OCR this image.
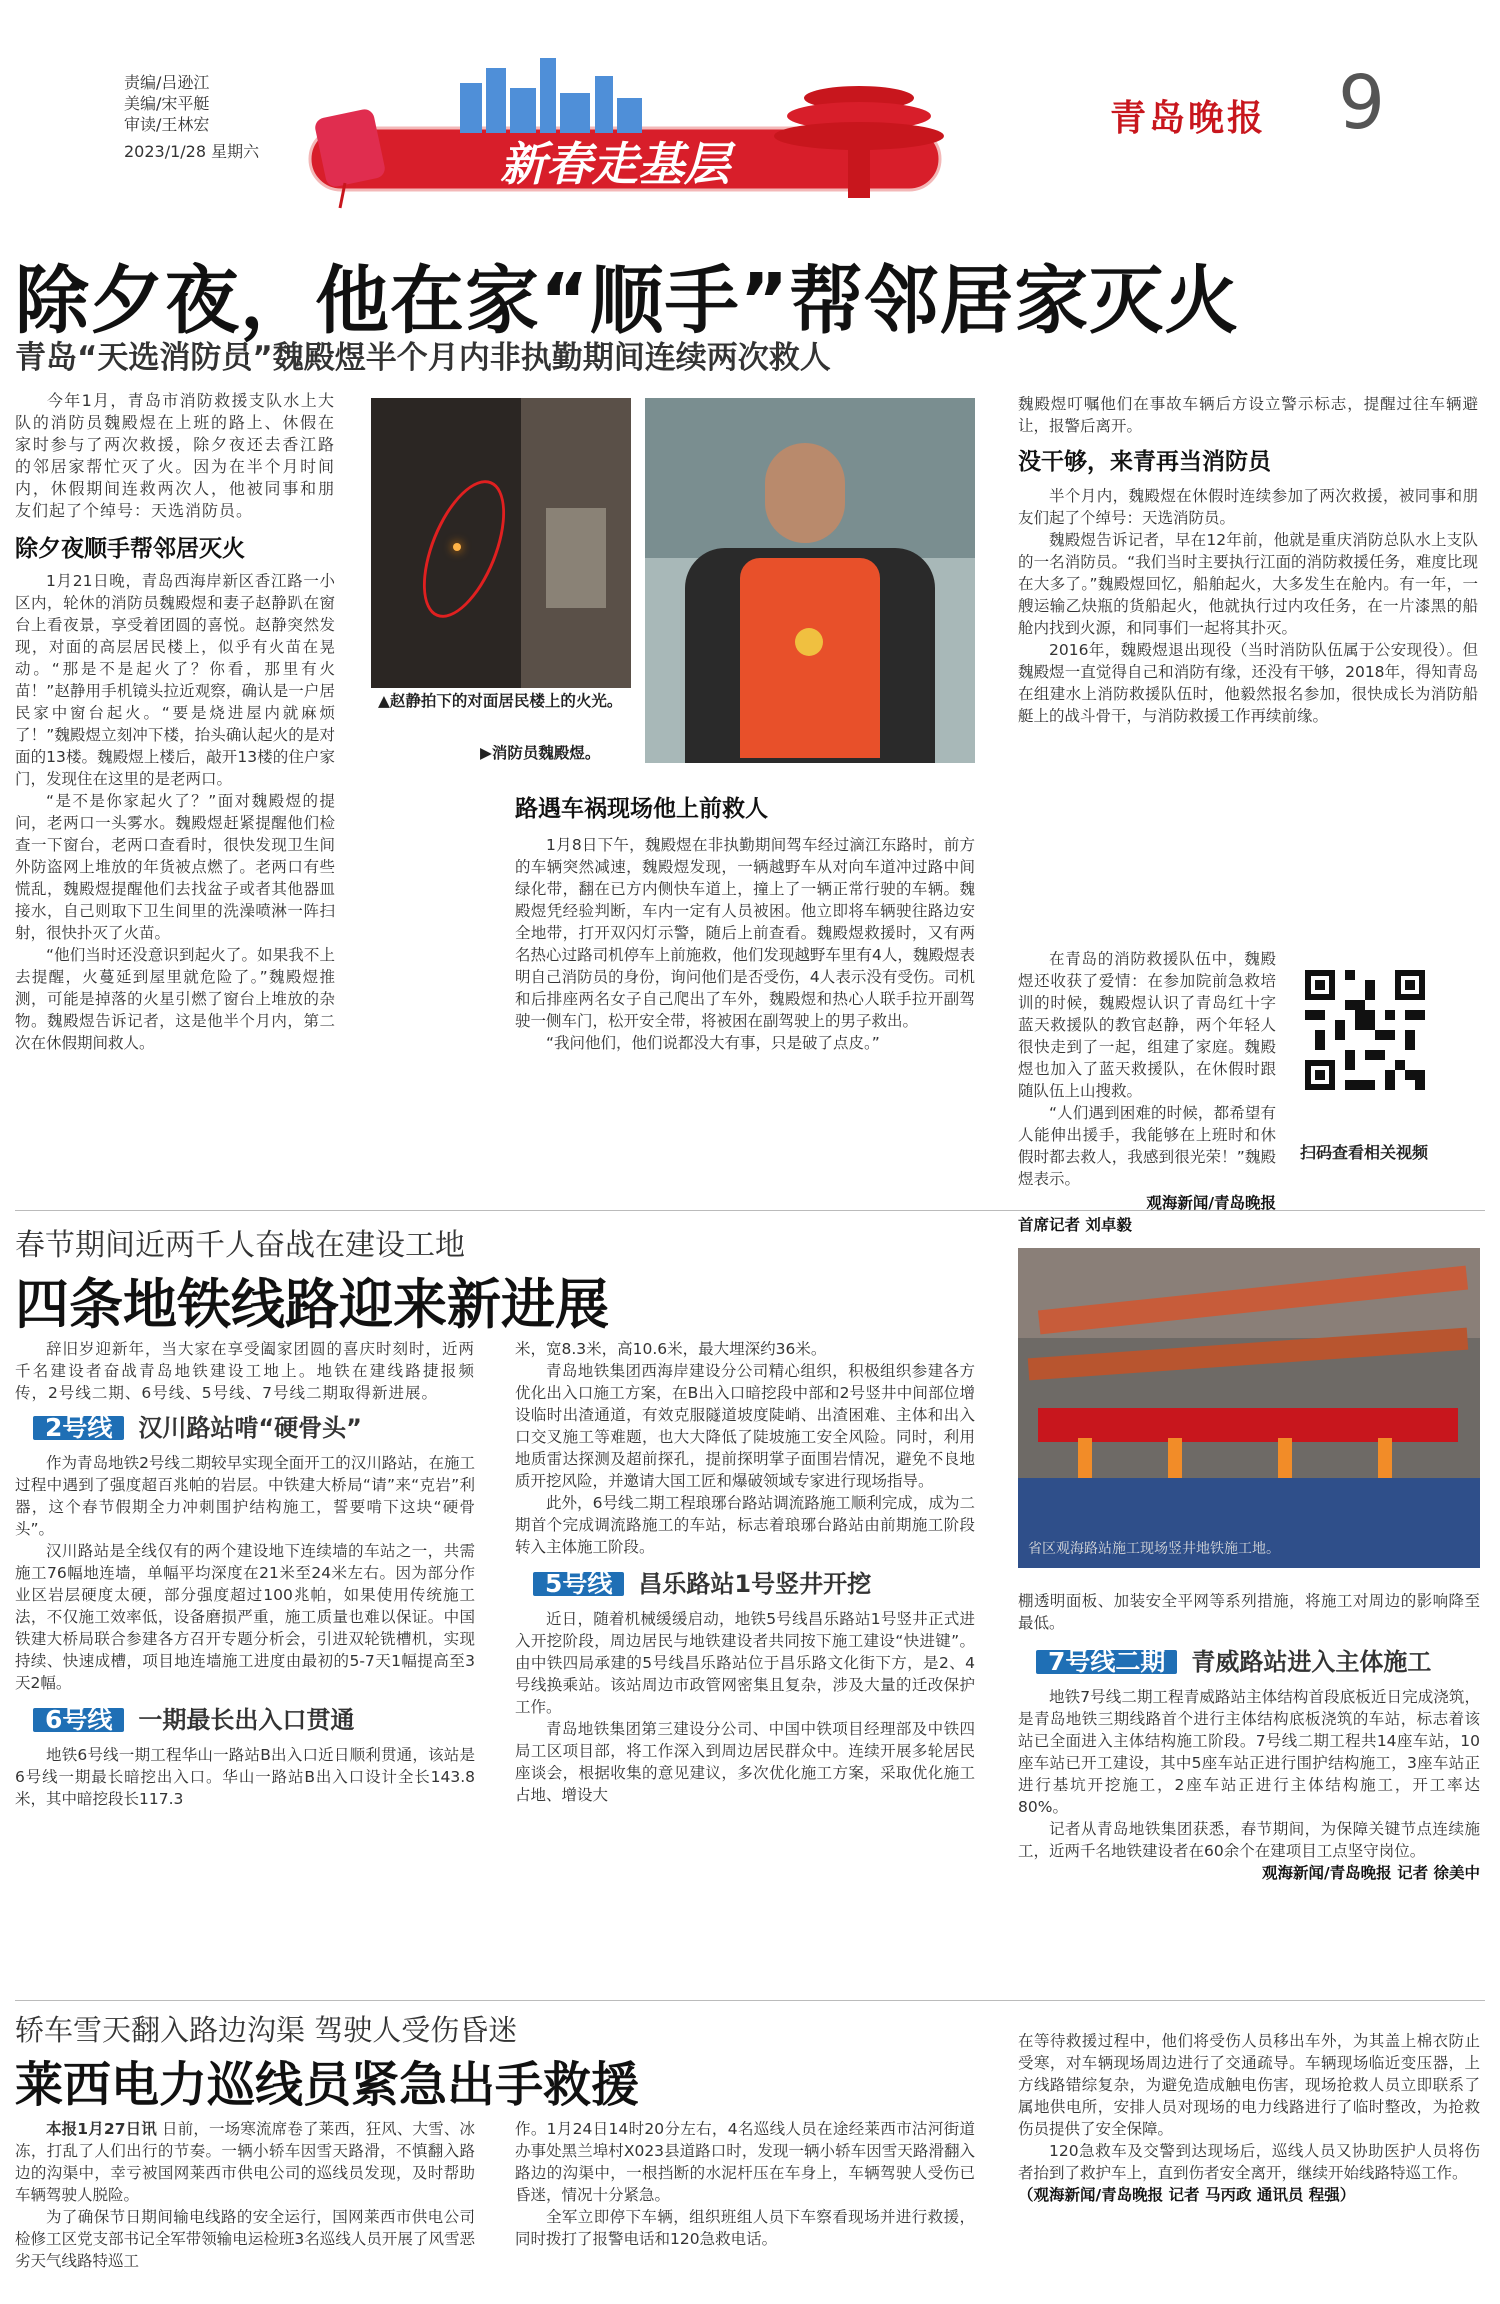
责编/吕逊江
美编/宋平艇
审读/王林宏
2023/1/28 星期六	新春走基层
青岛晚报 9
除夕夜，他在家“顺手”帮邻居家灭火
青岛“天选消防员”魏殿煜半个月内非执勤期间连续两次救人

今年1月，青岛市消防救援支队水上大队的消防员魏殿煜在上班的路上、休假在家时参与了两次救援，除夕夜还去香江路的邻居家帮忙灭了火。因为在半个月时间内，休假期间连救两次人，他被同事和朋友们起了个绰号：天选消防员。

除夕夜顺手帮邻居灭火

1月21日晚，青岛西海岸新区香江路一小区内，轮休的消防员魏殿煜和妻子赵静趴在窗台上看夜景，享受着团圆的喜悦。赵静突然发现，对面的高层居民楼上，似乎有火苗在晃动。“那是不是起火了？你看，那里有火苗！”赵静用手机镜头拉近观察，确认是一户居民家中窗台起火。“要是烧进屋内就麻烦了！”魏殿煜立刻冲下楼，抬头确认起火的是对面的13楼。魏殿煜上楼后，敲开13楼的住户家门，发现住在这里的是老两口。

“是不是你家起火了？”面对魏殿煜的提问，老两口一头雾水。魏殿煜赶紧提醒他们检查一下窗台，老两口查看时，很快发现卫生间外防盗网上堆放的年货被点燃了。老两口有些慌乱，魏殿煜提醒他们去找盆子或者其他器皿接水，自己则取下卫生间里的洗澡喷淋一阵扫射，很快扑灭了火苗。

“他们当时还没意识到起火了。如果我不上去提醒，火蔓延到屋里就危险了。”魏殿煜推测，可能是掉落的火星引燃了窗台上堆放的杂物。魏殿煜告诉记者，这是他半个月内，第二次在休假期间救人。

▲赵静拍下的对面居民楼上的火光。
▶消防员魏殿煜。
路遇车祸现场他上前救人

1月8日下午，魏殿煜在非执勤期间驾车经过滴江东路时，前方的车辆突然减速，魏殿煜发现，一辆越野车从对向车道冲过路中间绿化带，翻在已方内侧快车道上，撞上了一辆正常行驶的车辆。魏殿煜凭经验判断，车内一定有人员被困。他立即将车辆驶往路边安全地带，打开双闪灯示警，随后上前查看。魏殿煜救援时，又有两名热心过路司机停车上前施救，他们发现越野车里有4人，魏殿煜表明自己消防员的身份，询问他们是否受伤，4人表示没有受伤。司机和后排座两名女子自己爬出了车外，魏殿煜和热心人联手拉开副驾驶一侧车门，松开安全带，将被困在副驾驶上的男子救出。

“我问他们，他们说都没大有事，只是破了点皮。”

魏殿煜叮嘱他们在事故车辆后方设立警示标志，提醒过往车辆避让，报警后离开。

没干够，来青再当消防员

半个月内，魏殿煜在休假时连续参加了两次救援，被同事和朋友们起了个绰号：天选消防员。

魏殿煜告诉记者，早在12年前，他就是重庆消防总队水上支队的一名消防员。“我们当时主要执行江面的消防救援任务，难度比现在大多了。”魏殿煜回忆，船舶起火，大多发生在舱内。有一年，一艘运输乙炔瓶的货船起火，他就执行过内攻任务，在一片漆黑的船舱内找到火源，和同事们一起将其扑灭。

2016年，魏殿煜退出现役（当时消防队伍属于公安现役）。但魏殿煜一直觉得自己和消防有缘，还没有干够，2018年，得知青岛在组建水上消防救援队伍时，他毅然报名参加，很快成长为消防船艇上的战斗骨干，与消防救援工作再续前缘。

在青岛的消防救援队伍中，魏殿煜还收获了爱情：在参加院前急救培训的时候，魏殿煜认识了青岛红十字蓝天救援队的教官赵静，两个年轻人很快走到了一起，组建了家庭。魏殿煜也加入了蓝天救援队，在休假时跟随队伍上山搜救。

“人们遇到困难的时候，都希望有人能伸出援手，我能够在上班时和休假时都去救人，我感到很光荣！”魏殿煜表示。

观海新闻/青岛晚报
首席记者 刘卓毅
扫码查看相关视频
春节期间近两千人奋战在建设工地
四条地铁线路迎来新进展

辞旧岁迎新年，当大家在享受阖家团圆的喜庆时刻时，近两千名建设者奋战青岛地铁建设工地上。地铁在建线路捷报频传，2号线二期、6号线、5号线、7号线二期取得新进展。

2号线 汉川路站啃“硬骨头”

作为青岛地铁2号线二期较早实现全面开工的汉川路站，在施工过程中遇到了强度超百兆帕的岩层。中铁建大桥局“请”来“克岩”利器，这个春节假期全力冲刺围护结构施工，誓要啃下这块“硬骨头”。

汉川路站是全线仅有的两个建设地下连续墙的车站之一，共需施工76幅地连墙，单幅平均深度在21米至24米左右。因为部分作业区岩层硬度太硬，部分强度超过100兆帕，如果使用传统施工法，不仅施工效率低，设备磨损严重，施工质量也难以保证。中国铁建大桥局联合参建各方召开专题分析会，引进双轮铣槽机，实现持续、快速成槽，项目地连墙施工进度由最初的5-7天1幅提高至3天2幅。

6号线 一期最长出入口贯通

地铁6号线一期工程华山一路站B出入口近日顺利贯通，该站是6号线一期最长暗挖出入口。华山一路站B出入口设计全长143.8米，其中暗挖段长117.3

米，宽8.3米，高10.6米，最大埋深约36米。

青岛地铁集团西海岸建设分公司精心组织，积极组织参建各方优化出入口施工方案，在B出入口暗挖段中部和2号竖井中间部位增设临时出渣通道，有效克服隧道坡度陡峭、出渣困难、主体和出入口交叉施工等难题，也大大降低了陡坡施工安全风险。同时，利用地质雷达探测及超前探孔，提前探明掌子面围岩情况，避免不良地质开挖风险，并邀请大国工匠和爆破领域专家进行现场指导。

此外，6号线二期工程琅琊台路站调流路施工顺利完成，成为二期首个完成调流路施工的车站，标志着琅琊台路站由前期施工阶段转入主体施工阶段。

5号线 昌乐路站1号竖井开挖

近日，随着机械缓缓启动，地铁5号线昌乐路站1号竖井正式进入开挖阶段，周边居民与地铁建设者共同按下施工建设“快进键”。由中铁四局承建的5号线昌乐路站位于昌乐路文化街下方，是2、4号线换乘站。该站周边市政管网密集且复杂，涉及大量的迁改保护工作。

青岛地铁集团第三建设分公司、中国中铁项目经理部及中铁四局工区项目部，将工作深入到周边居民群众中。连续开展多轮居民座谈会，根据收集的意见建议，多次优化施工方案，采取优化施工占地、增设大

省区观海路站施工现场竖井地铁施工地。

棚透明面板、加装安全平网等系列措施，将施工对周边的影响降至最低。

7号线二期 青威路站进入主体施工

地铁7号线二期工程青威路站主体结构首段底板近日完成浇筑，是青岛地铁三期线路首个进行主体结构底板浇筑的车站，标志着该站已全面进入主体结构施工阶段。7号线二期工程共14座车站，10座车站已开工建设，其中5座车站正进行围护结构施工，3座车站正进行基坑开挖施工，2座车站正进行主体结构施工，开工率达80%。

记者从青岛地铁集团获悉，春节期间，为保障关键节点连续施工，近两千名地铁建设者在60余个在建项目工点坚守岗位。

观海新闻/青岛晚报 记者 徐美中
轿车雪天翻入路边沟渠 驾驶人受伤昏迷
莱西电力巡线员紧急出手救援

本报1月27日讯 日前，一场寒流席卷了莱西，狂风、大雪、冰冻，打乱了人们出行的节奏。一辆小轿车因雪天路滑，不慎翻入路边的沟渠中，幸亏被国网莱西市供电公司的巡线员发现，及时帮助车辆驾驶人脱险。

为了确保节日期间输电线路的安全运行，国网莱西市供电公司检修工区党支部书记全军带领输电运检班3名巡线人员开展了风雪恶劣天气线路特巡工

作。1月24日14时20分左右，4名巡线人员在途经莱西市沽河街道办事处黑兰埠村X023县道路口时，发现一辆小轿车因雪天路滑翻入路边的沟渠中，一根挡断的水泥杆压在车身上，车辆驾驶人受伤已昏迷，情况十分紧急。

全军立即停下车辆，组织班组人员下车察看现场并进行救援，同时拨打了报警电话和120急救电话。

在等待救援过程中，他们将受伤人员移出车外，为其盖上棉衣防止受寒，对车辆现场周边进行了交通疏导。车辆现场临近变压器，上方线路错综复杂，为避免造成触电伤害，现场抢救人员立即联系了属地供电所，安排人员对现场的电力线路进行了临时整改，为抢救伤员提供了安全保障。

120急救车及交警到达现场后，巡线人员又协助医护人员将伤者抬到了救护车上，直到伤者安全离开，继续开始线路特巡工作。

（观海新闻/青岛晚报 记者 马丙政 通讯员 程强）
